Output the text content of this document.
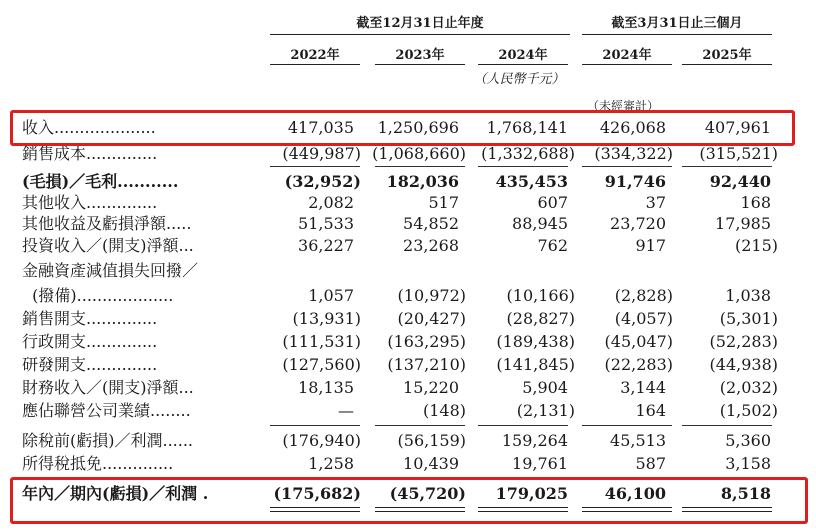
截至12月31日止年度	截至3月31日止三個月
2022年	2023年	2024年	2024年	2025年
（人民幣千元）
（未經審計）
收入....................	417,035 1,250,696 1,768,141 426,068 407,961
銷售成本..............	(449,987) (1,068,660) (1,332,688) (334,322) (315,521)
(毛損)／毛利...........	(32,952) 182,036 435,453 91,746	92,440
其他收入..............	2,082	517	607	37	168
其他收益及虧損淨額.....	51,533	54,852	88,945	23,720	17,985
投資收入／(開支)淨額...	36,227	23,268	762	917	(215)
金融資產減值損失回撥／
(撥備)...................	1,057	(10,972)	(10,166) (2,828)	1,038
銷售開支..............	(13,931) (20,427)	(28,827) (4,057)	(5,301)
行政開支..............	(111,531) (163,295) (189,438) (45,047) (52,283)
研發開支..............	(127,560) (137,210) (141,845) (22,283) (44,938)
財務收入／(開支)淨額...	18,135	15,220	5,904	3,144	(2,032)
應佔聯營公司業績........	—	(148)	(2,131)	164	(1,502)
除稅前(虧損)／利潤......	(176,940) (56,159) 159,264	45,513	5,360
所得稅抵免..............	1,258	10,439	19,761	587	3,158
年內／期內(虧損)／利潤 .	(175,682) (45,720) 179,025 46,100	8,518
